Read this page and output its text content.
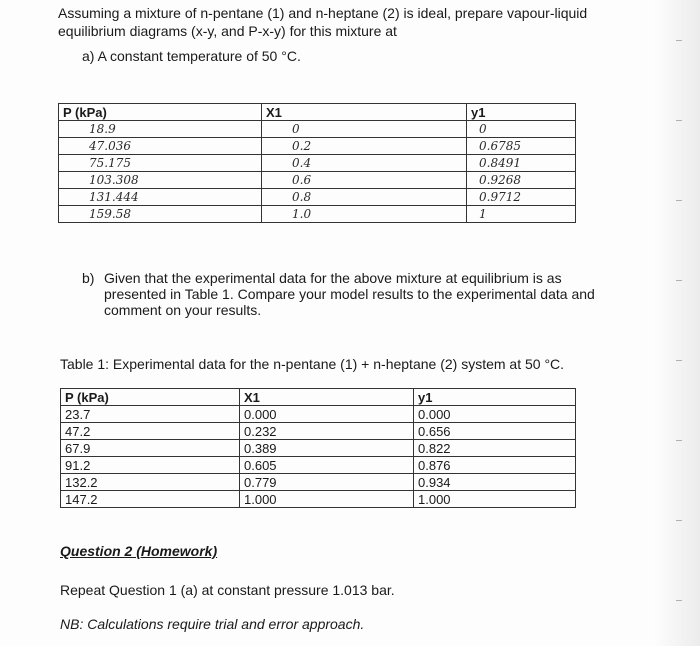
Assuming a mixture of n-pentane (1) and n-heptane (2) is ideal, prepare vapour-liquid
equilibrium diagrams (x-y, and P-x-y) for this mixture at
a) A constant temperature of 50 °C.
P (kPa)	X1	y1
18.9	0	0
47.036	0.2	0.6785
75.175	0.4	0.8491
103.308	0.6	0.9268
131.444	0.8	0.9712
159.58	1.0	1
b) Given that the experimental data for the above mixture at equilibrium is as presented in Table 1. Compare your model results to the experimental data and comment on your results.
Table 1: Experimental data for the n-pentane (1) + n-heptane (2) system at 50 °C.
P (kPa)	X1	y1
23.7	0.000	0.000
47.2	0.232	0.656
67.9	0.389	0.822
91.2	0.605	0.876
132.2	0.779	0.934
147.2	1.000	1.000
Question 2 (Homework)
Repeat Question 1 (a) at constant pressure 1.013 bar.
NB: Calculations require trial and error approach.
